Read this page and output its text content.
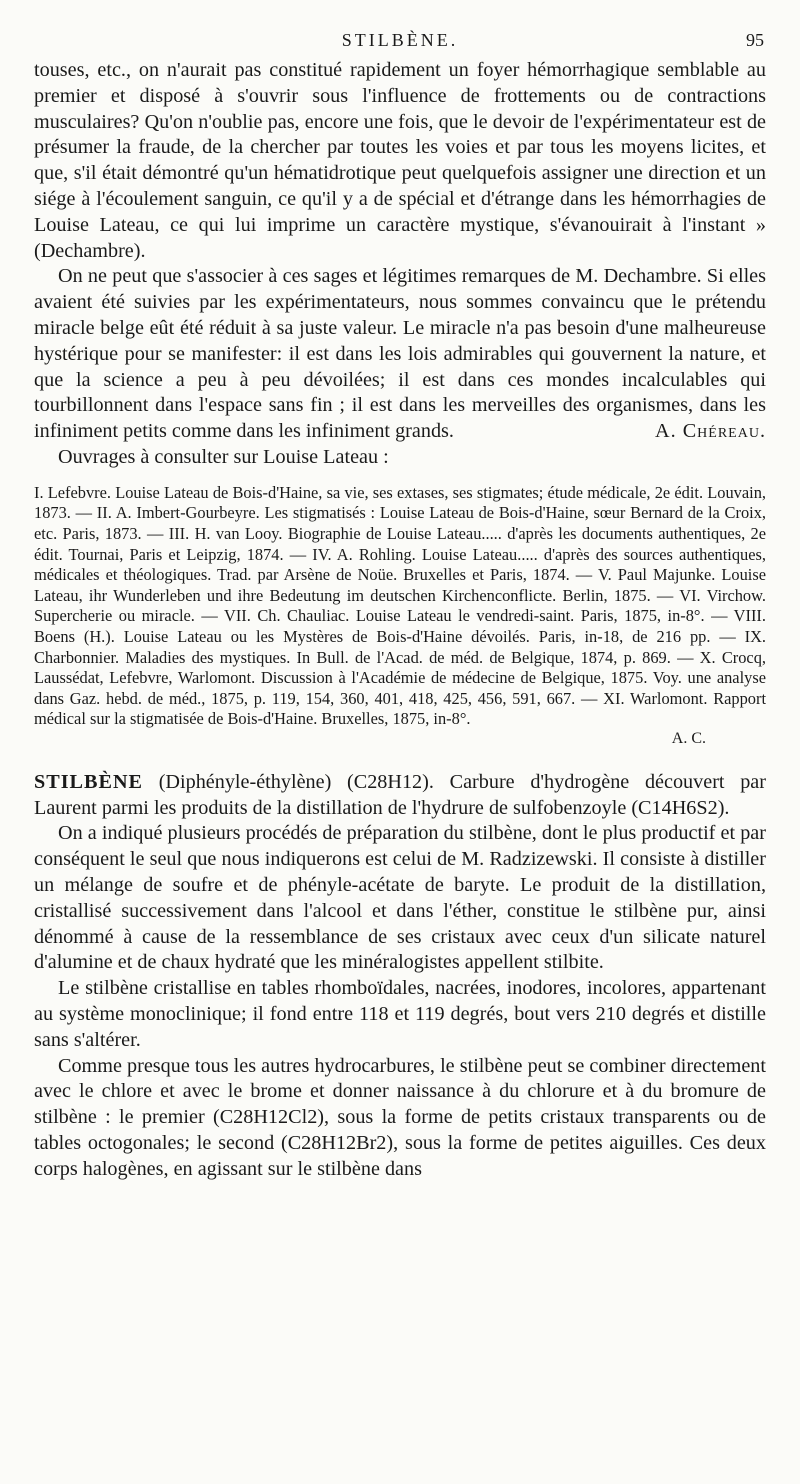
STILBÈNE.	95

touses, etc., on n'aurait pas constitué rapidement un foyer hémorrhagique semblable au premier et disposé à s'ouvrir sous l'influence de frottements ou de contractions musculaires? Qu'on n'oublie pas, encore une fois, que le devoir de l'expérimentateur est de présumer la fraude, de la chercher par toutes les voies et par tous les moyens licites, et que, s'il était démontré qu'un hématidrotique peut quelquefois assigner une direction et un siége à l'écoulement sanguin, ce qu'il y a de spécial et d'étrange dans les hémorrhagies de Louise Lateau, ce qui lui imprime un caractère mystique, s'évanouirait à l'instant » (Dechambre).

On ne peut que s'associer à ces sages et légitimes remarques de M. Dechambre. Si elles avaient été suivies par les expérimentateurs, nous sommes convaincu que le prétendu miracle belge eût été réduit à sa juste valeur. Le miracle n'a pas besoin d'une malheureuse hystérique pour se manifester: il est dans les lois admirables qui gouvernent la nature, et que la science a peu à peu dévoilées; il est dans ces mondes incalculables qui tourbillonnent dans l'espace sans fin ; il est dans les merveilles des organismes, dans les infiniment petits comme dans les infiniment grands.	A. Chéreau.

Ouvrages à consulter sur Louise Lateau :

I. Lefebvre. Louise Lateau de Bois-d'Haine, sa vie, ses extases, ses stigmates; étude médicale, 2e édit. Louvain, 1873. — II. A. Imbert-Gourbeyre. Les stigmatisés : Louise Lateau de Bois-d'Haine, sœur Bernard de la Croix, etc. Paris, 1873. — III. H. van Looy. Biographie de Louise Lateau..... d'après les documents authentiques, 2e édit. Tournai, Paris et Leipzig, 1874. — IV. A. Rohling. Louise Lateau..... d'après des sources authentiques, médicales et théologiques. Trad. par Arsène de Noüe. Bruxelles et Paris, 1874. — V. Paul Majunke. Louise Lateau, ihr Wunderleben und ihre Bedeutung im deutschen Kirchenconflicte. Berlin, 1875. — VI. Virchow. Supercherie ou miracle. — VII. Ch. Chauliac. Louise Lateau le vendredi-saint. Paris, 1875, in-8°. — VIII. Boens (H.). Louise Lateau ou les Mystères de Bois-d'Haine dévoilés. Paris, in-18, de 216 pp. — IX. Charbonnier. Maladies des mystiques. In Bull. de l'Acad. de méd. de Belgique, 1874, p. 869. — X. Crocq, Laussédat, Lefebvre, Warlomont. Discussion à l'Académie de médecine de Belgique, 1875. Voy. une analyse dans Gaz. hebd. de méd., 1875, p. 119, 154, 360, 401, 418, 425, 456, 591, 667. — XI. Warlomont. Rapport médical sur la stigmatisée de Bois-d'Haine. Bruxelles, 1875, in-8°.

A. C.

STILBÈNE (Diphényle-éthylène) (C28H12). Carbure d'hydrogène découvert par Laurent parmi les produits de la distillation de l'hydrure de sulfobenzoyle (C14H6S2).

On a indiqué plusieurs procédés de préparation du stilbène, dont le plus productif et par conséquent le seul que nous indiquerons est celui de M. Radzizewski. Il consiste à distiller un mélange de soufre et de phényle-acétate de baryte. Le produit de la distillation, cristallisé successivement dans l'alcool et dans l'éther, constitue le stilbène pur, ainsi dénommé à cause de la ressemblance de ses cristaux avec ceux d'un silicate naturel d'alumine et de chaux hydraté que les minéralogistes appellent stilbite.

Le stilbène cristallise en tables rhomboïdales, nacrées, inodores, incolores, appartenant au système monoclinique; il fond entre 118 et 119 degrés, bout vers 210 degrés et distille sans s'altérer.

Comme presque tous les autres hydrocarbures, le stilbène peut se combiner directement avec le chlore et avec le brome et donner naissance à du chlorure et à du bromure de stilbène : le premier (C28H12Cl2), sous la forme de petits cristaux transparents ou de tables octogonales; le second (C28H12Br2), sous la forme de petites aiguilles. Ces deux corps halogènes, en agissant sur le stilbène dans
